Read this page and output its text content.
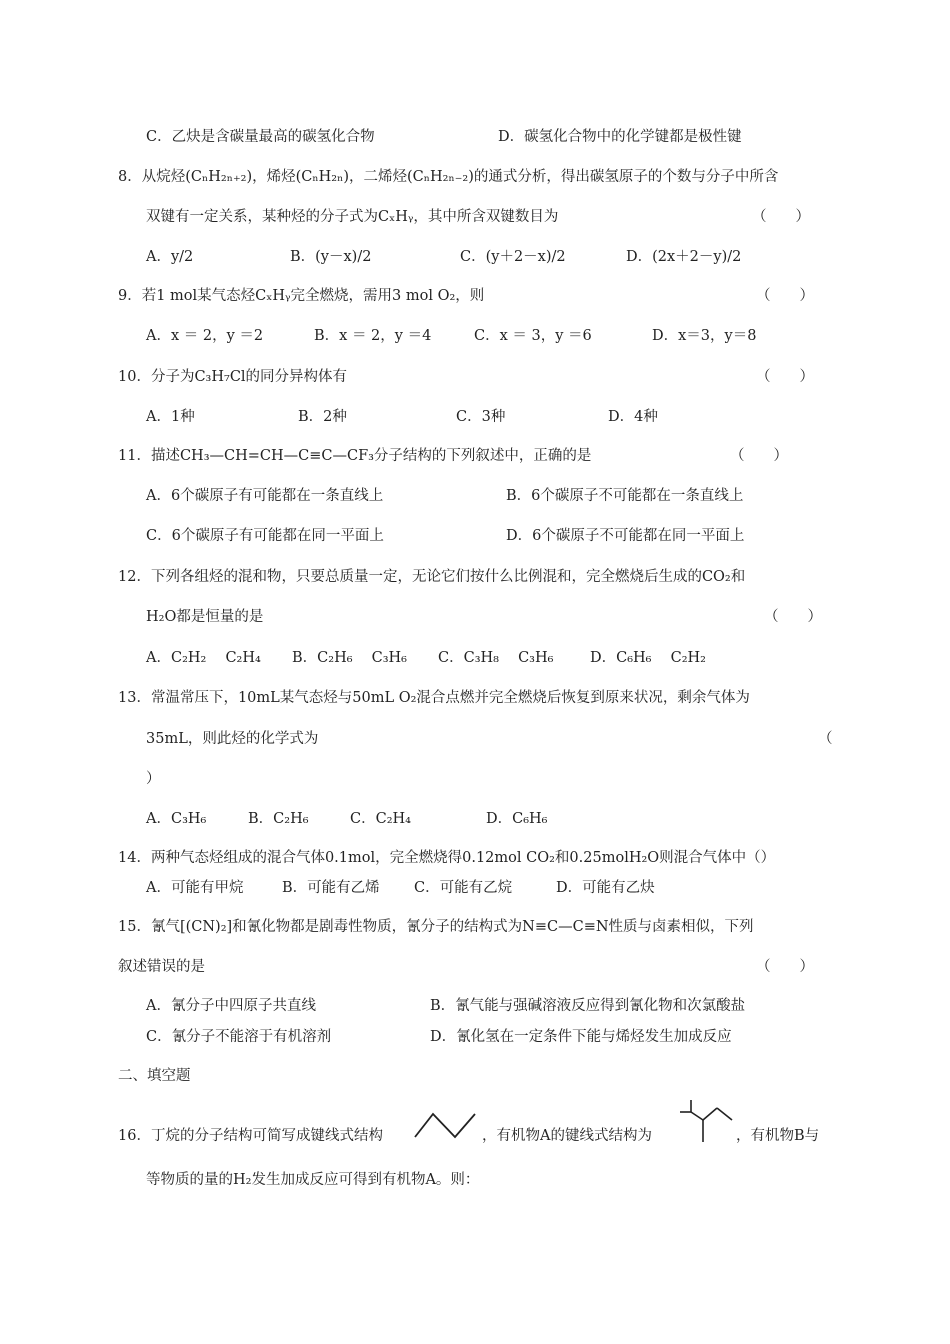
C．乙炔是含碳量最高的碳氢化合物	D．碳氢化合物中的化学键都是极性键
8．从烷烃(CₙH₂ₙ₊₂)，烯烃(CₙH₂ₙ)，二烯烃(CₙH₂ₙ₋₂)的通式分析，得出碳氢原子的个数与分子中所含
双键有一定关系，某种烃的分子式为CₓHᵧ，其中所含双键数目为	（　　）
A．y/2	B．(y－x)/2	C．(y＋2－x)/2	D．(2x＋2－y)/2
9．若1 mol某气态烃CₓHᵧ完全燃烧，需用3 mol O₂，则	（　　）
A．x ＝ 2，y ＝2	B．x ＝ 2，y ＝4	C．x ＝ 3，y ＝6	D．x＝3，y＝8
10．分子为C₃H₇Cl的同分异构体有	（　　）
A．1种	B．2种	C．3种	D．4种
11．描述CH₃—CH=CH—C≡C—CF₃分子结构的下列叙述中，正确的是	（　　）
A．6个碳原子有可能都在一条直线上	B．6个碳原子不可能都在一条直线上
C．6个碳原子有可能都在同一平面上	D．6个碳原子不可能都在同一平面上
12．下列各组烃的混和物，只要总质量一定，无论它们按什么比例混和，完全燃烧后生成的CO₂和
H₂O都是恒量的是	（　　）
A．C₂H₂　 C₂H₄ B．C₂H₆　 C₃H₆ C．C₃H₈　 C₃H₆	D．C₆H₆　 C₂H₂
13．常温常压下，10mL某气态烃与50mL O₂混合点燃并完全燃烧后恢复到原来状况，剩余气体为
35mL，则此烃的化学式为	（
）
A．C₃H₆	B．C₂H₆	C．C₂H₄	D．C₆H₆
14．两种气态烃组成的混合气体0.1mol，完全燃烧得0.12mol CO₂和0.25molH₂O则混合气体中（）
A．可能有甲烷	B．可能有乙烯 C．可能有乙烷	D．可能有乙炔
15．氰气[(CN)₂]和氰化物都是剧毒性物质，氰分子的结构式为N≡C—C≡N性质与卤素相似，下列
叙述错误的是	（　　）
A．氰分子中四原子共直线	B．氰气能与强碱溶液反应得到氰化物和次氯酸盐
C．氰分子不能溶于有机溶剂	D．氰化氢在一定条件下能与烯烃发生加成反应
二、填空题
16．丁烷的分子结构可简写成键线式结构	，有机物A的键线式结构为	，有机物B与
等物质的量的H₂发生加成反应可得到有机物A。则：
